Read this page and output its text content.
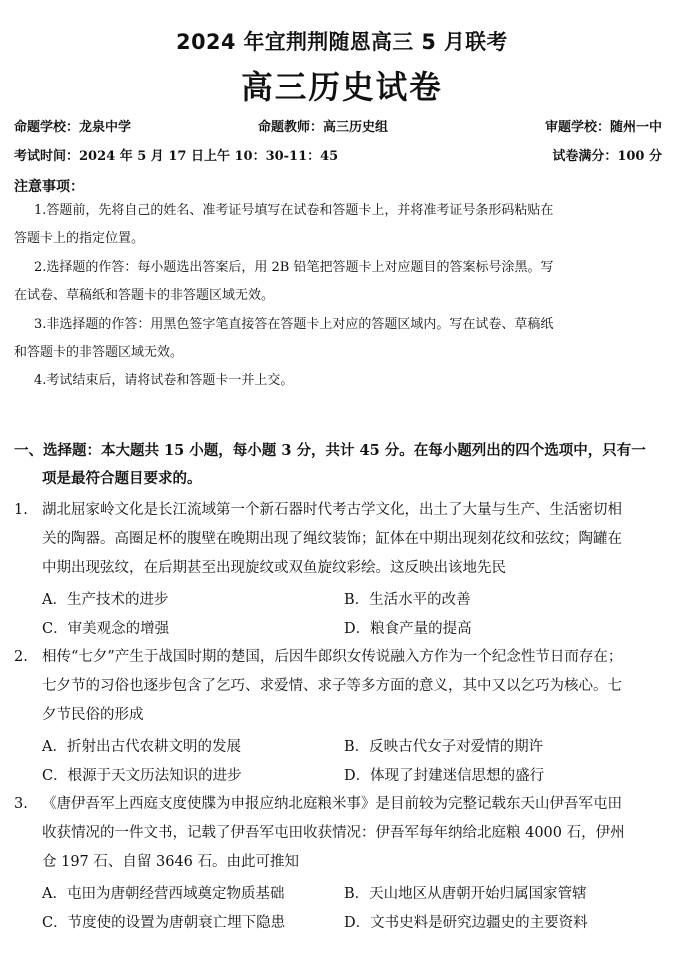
2024 年宜荆荆随恩高三 5 月联考
高三历史试卷
命题学校：龙泉中学	命题教师：高三历史组	审题学校：随州一中
考试时间：2024 年 5 月 17 日上午 10：30-11：45	试卷满分：100 分
注意事项：
1.答题前，先将自己的姓名、准考证号填写在试卷和答题卡上，并将准考证号条形码粘贴在
答题卡上的指定位置。
2.选择题的作答：每小题选出答案后，用 2B 铅笔把答题卡上对应题目的答案标号涂黑。写
在试卷、草稿纸和答题卡的非答题区域无效。
3.非选择题的作答：用黑色签字笔直接答在答题卡上对应的答题区域内。写在试卷、草稿纸
和答题卡的非答题区域无效。
4.考试结束后，请将试卷和答题卡一并上交。
一、选择题：本大题共 15 小题，每小题 3 分，共计 45 分。在每小题列出的四个选项中，只有一
项是最符合题目要求的。
1. 湖北屈家岭文化是长江流域第一个新石器时代考古学文化，出土了大量与生产、生活密切相
关的陶器。高圈足杯的腹壁在晚期出现了绳纹装饰；缸体在中期出现刻花纹和弦纹；陶罐在
中期出现弦纹，在后期甚至出现旋纹或双鱼旋纹彩绘。这反映出该地先民
A．生产技术的进步	B．生活水平的改善
C．审美观念的增强	D．粮食产量的提高
2. 相传“七夕”产生于战国时期的楚国，后因牛郎织女传说融入方作为一个纪念性节日而存在；
七夕节的习俗也逐步包含了乞巧、求爱情、求子等多方面的意义，其中又以乞巧为核心。七
夕节民俗的形成
A．折射出古代农耕文明的发展	B．反映古代女子对爱情的期许
C．根源于天文历法知识的进步	D．体现了封建迷信思想的盛行
3. 《唐伊吾军上西庭支度使牒为申报应纳北庭粮米事》是目前较为完整记载东天山伊吾军屯田
收获情况的一件文书，记载了伊吾军屯田收获情况：伊吾军每年纳给北庭粮 4000 石，伊州
仓 197 石、自留 3646 石。由此可推知
A．屯田为唐朝经营西域奠定物质基础	B．天山地区从唐朝开始归属国家管辖
C．节度使的设置为唐朝衰亡埋下隐患	D．文书史料是研究边疆史的主要资料
